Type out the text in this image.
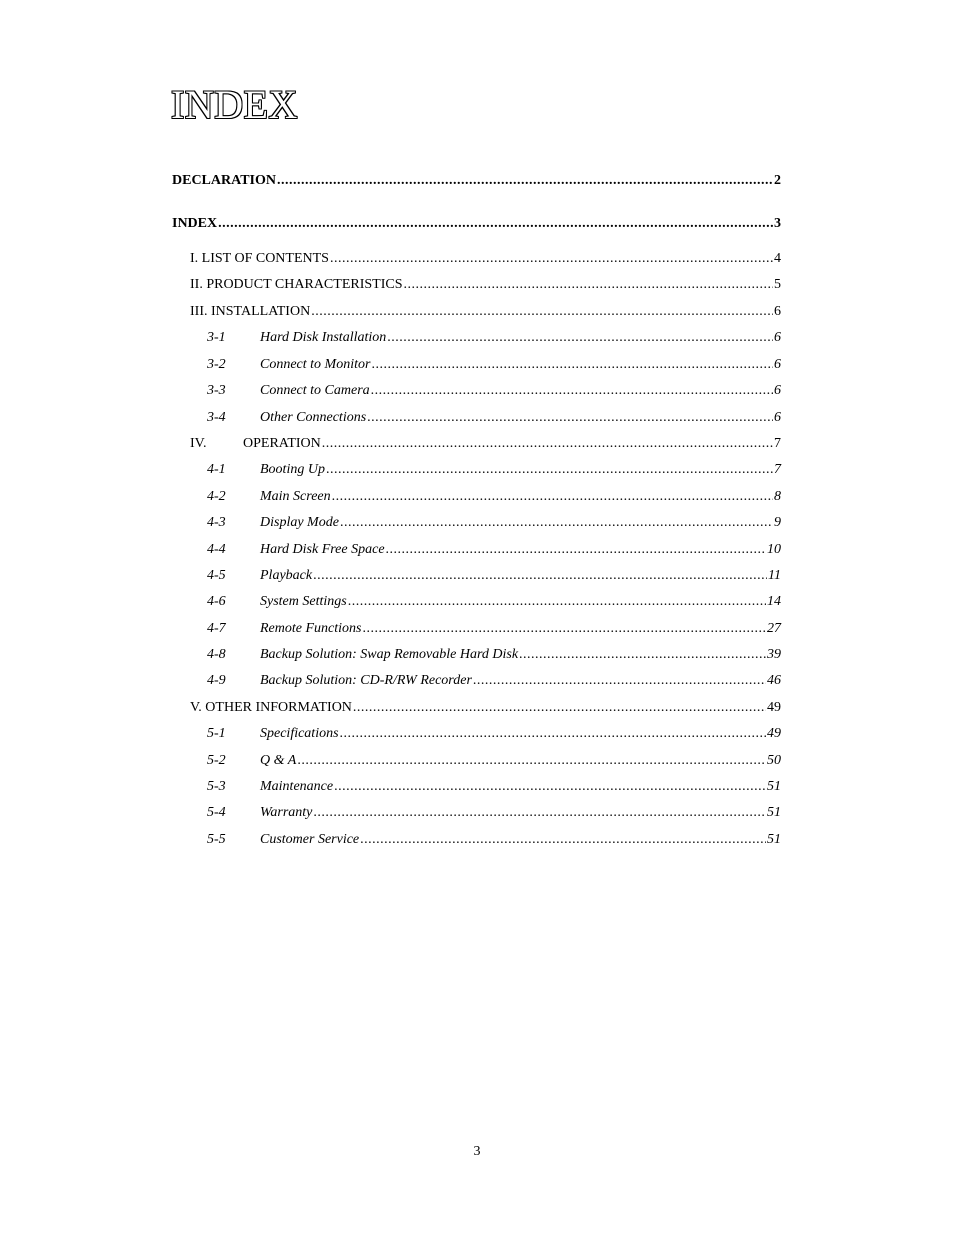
INDEX
DECLARATION .....	2
INDEX .....	3
I. LIST OF CONTENTS .....	4
II. PRODUCT CHARACTERISTICS .....	5
III. INSTALLATION .....	6
3-1	Hard Disk Installation .....	6
3-2	Connect to Monitor .....	6
3-3	Connect to Camera .....	6
3-4	Other Connections .....	6
IV.	OPERATION .....	7
4-1	Booting Up .....	7
4-2	Main Screen .....	8
4-3	Display Mode .....	9
4-4	Hard Disk Free Space .....	10
4-5	Playback .....	11
4-6	System Settings .....	14
4-7	Remote Functions .....	27
4-8	Backup Solution: Swap Removable Hard Disk .....	39
4-9	Backup Solution: CD-R/RW Recorder .....	46
V. OTHER INFORMATION .....	49
5-1	Specifications .....	49
5-2	Q & A .....	50
5-3	Maintenance .....	51
5-4	Warranty .....	51
5-5	Customer Service .....	51
3
